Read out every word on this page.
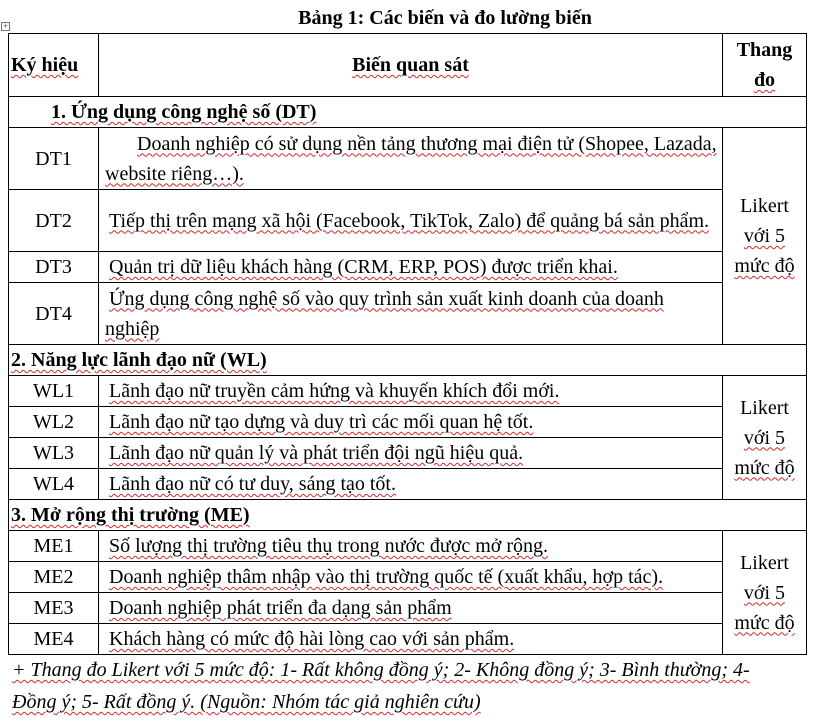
+	Bảng 1: Các biến và đo lường biến
Ký hiệu	Biến quan sát	Thang
đo

1. Ứng dụng công nghệ số (DT)		
DT1	Doanh nghiệp có sử dụng nền tảng thương mại điện tử (Shopee, Lazada, website riêng…).	Likert
với 5
mức độ

DT2	Tiếp thị trên mạng xã hội (Facebook, TikTok, Zalo) để quảng bá sản phẩm.	
DT3	Quản trị dữ liệu khách hàng (CRM, ERP, POS) được triển khai.	
DT4	Ứng dụng công nghệ số vào quy trình sản xuất kinh doanh của doanh nghiệp	
2. Năng lực lãnh đạo nữ (WL)		
WL1	Lãnh đạo nữ truyền cảm hứng và khuyến khích đổi mới.	Likert
với 5
mức độ

WL2	Lãnh đạo nữ tạo dựng và duy trì các mối quan hệ tốt.	
WL3	Lãnh đạo nữ quản lý và phát triển đội ngũ hiệu quả.	
WL4	Lãnh đạo nữ có tư duy, sáng tạo tốt.	
3. Mở rộng thị trường (ME)		
ME1	Số lượng thị trường tiêu thụ trong nước được mở rộng.	Likert
với 5
mức độ

ME2	Doanh nghiệp thâm nhập vào thị trường quốc tế (xuất khẩu, hợp tác).	
ME3	Doanh nghiệp phát triển đa dạng sản phẩm	
ME4	Khách hàng có mức độ hài lòng cao với sản phẩm.	
+ Thang đo Likert với 5 mức độ: 1- Rất không đồng ý; 2- Không đồng ý; 3- Bình thường; 4-
Đồng ý; 5- Rất đồng ý. (Nguồn: Nhóm tác giả nghiên cứu)
